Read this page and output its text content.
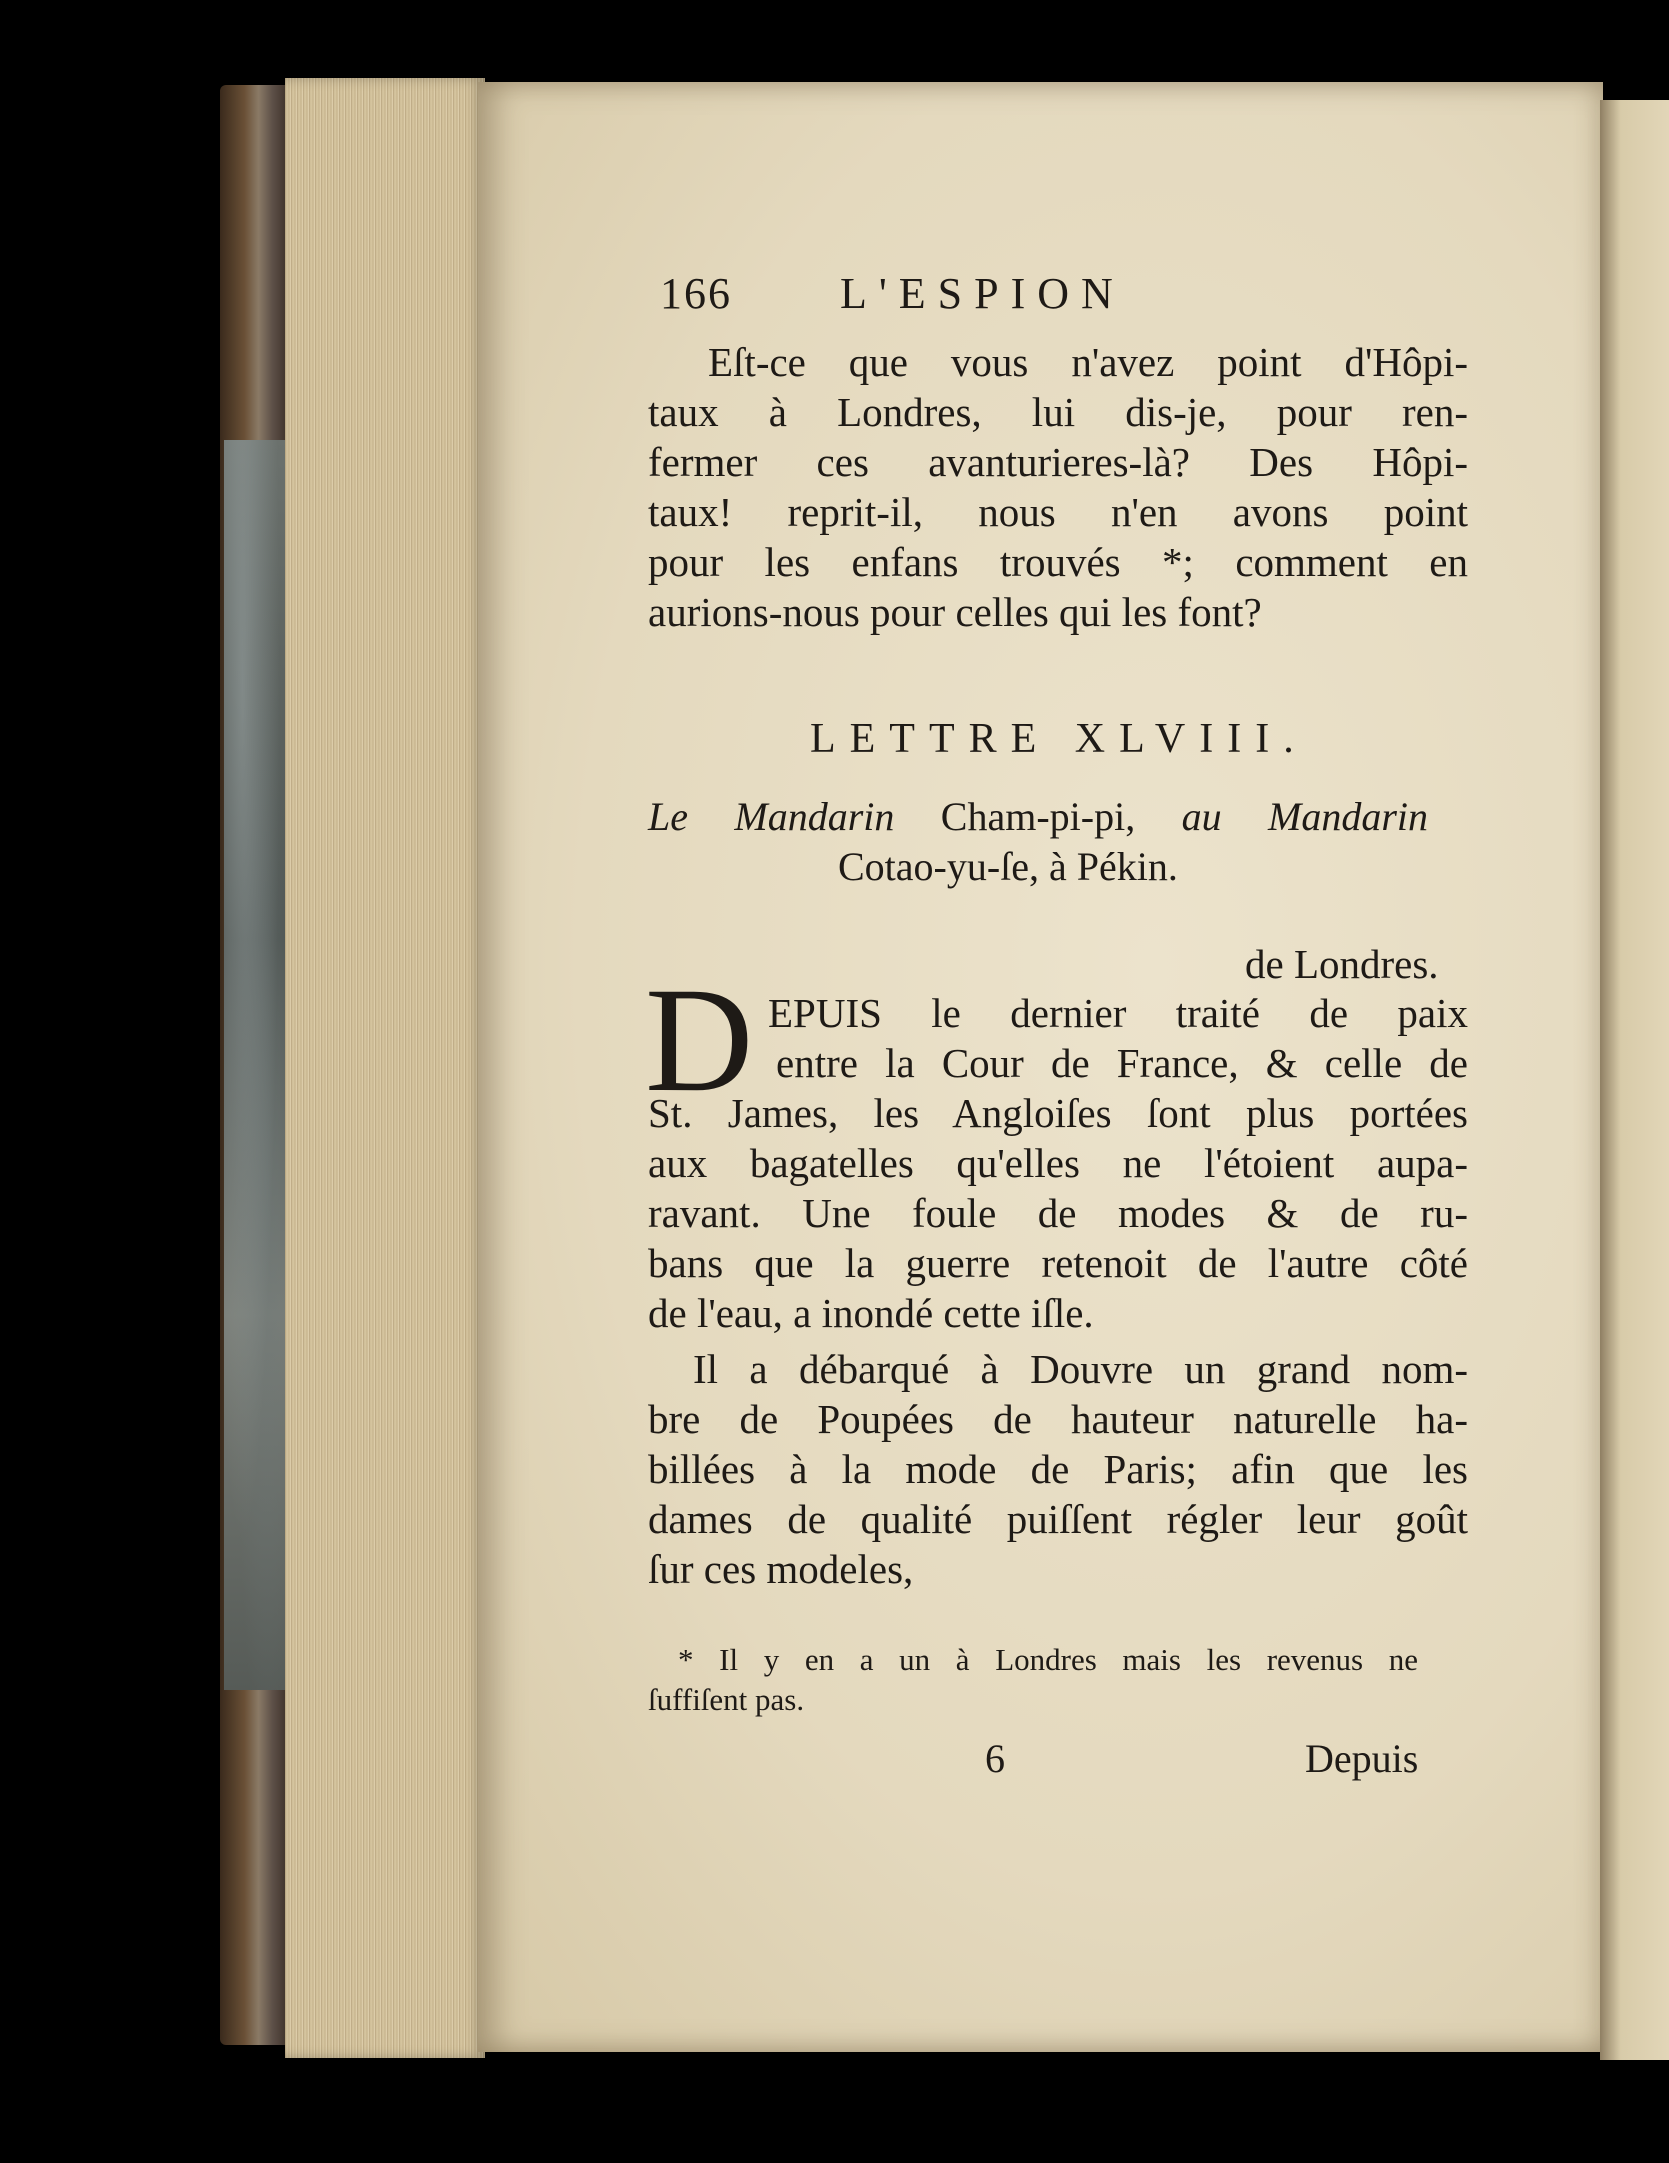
166 L'ESPION
Eſt-ce que vous n'avez point d'Hôpi-
taux à Londres, lui dis-je, pour ren-
fermer ces avanturieres-là? Des Hôpi-
taux! reprit-il, nous n'en avons point
pour les enfans trouvés *; comment en
aurions-nous pour celles qui les font?
LETTRE XLVIII.
Le Mandarin Cham-pi-pi, au Mandarin
Cotao-yu-ſe, à Pékin.
de Londres.
D EPUIS le dernier traité de paix
entre la Cour de France, & celle de
St. James, les Angloiſes ſont plus portées
aux bagatelles qu'elles ne l'étoient aupa-
ravant. Une foule de modes & de ru-
bans que la guerre retenoit de l'autre côté
de l'eau, a inondé cette iſle.
Il a débarqué à Douvre un grand nom-
bre de Poupées de hauteur naturelle ha-
billées à la mode de Paris; afin que les
dames de qualité puiſſent régler leur goût
ſur ces modeles,
* Il y en a un à Londres mais les revenus ne
ſuffiſent pas.
6	Depuis
